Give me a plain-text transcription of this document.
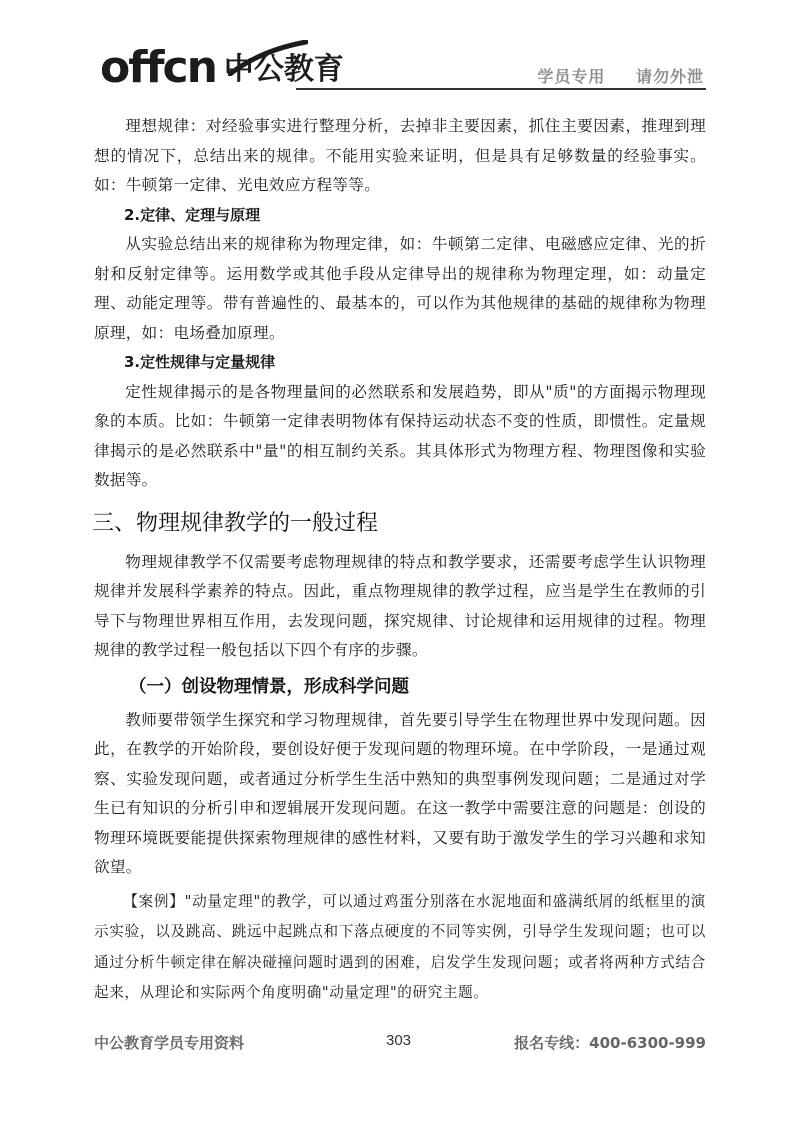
offcn 中公教育	学员专用 请勿外泄

理想规律：对经验事实进行整理分析，去掉非主要因素，抓住主要因素，推理到理想的情况下，总结出来的规律。不能用实验来证明，但是具有足够数量的经验事实。如：牛顿第一定律、光电效应方程等等。

2.定律、定理与原理

从实验总结出来的规律称为物理定律，如：牛顿第二定律、电磁感应定律、光的折射和反射定律等。运用数学或其他手段从定律导出的规律称为物理定理，如：动量定理、动能定理等。带有普遍性的、最基本的，可以作为其他规律的基础的规律称为物理原理，如：电场叠加原理。

3.定性规律与定量规律

定性规律揭示的是各物理量间的必然联系和发展趋势，即从"质"的方面揭示物理现象的本质。比如：牛顿第一定律表明物体有保持运动状态不变的性质，即惯性。定量规律揭示的是必然联系中"量"的相互制约关系。其具体形式为物理方程、物理图像和实验数据等。

三、物理规律教学的一般过程

物理规律教学不仅需要考虑物理规律的特点和教学要求，还需要考虑学生认识物理规律并发展科学素养的特点。因此，重点物理规律的教学过程，应当是学生在教师的引导下与物理世界相互作用，去发现问题，探究规律、讨论规律和运用规律的过程。物理规律的教学过程一般包括以下四个有序的步骤。

（一）创设物理情景，形成科学问题

教师要带领学生探究和学习物理规律，首先要引导学生在物理世界中发现问题。因此，在教学的开始阶段，要创设好便于发现问题的物理环境。在中学阶段，一是通过观察、实验发现问题，或者通过分析学生生活中熟知的典型事例发现问题；二是通过对学生已有知识的分析引申和逻辑展开发现问题。在这一教学中需要注意的问题是：创设的物理环境既要能提供探索物理规律的感性材料，又要有助于激发学生的学习兴趣和求知欲望。

【案例】"动量定理"的教学，可以通过鸡蛋分别落在水泥地面和盛满纸屑的纸框里的演示实验，以及跳高、跳远中起跳点和下落点硬度的不同等实例，引导学生发现问题；也可以通过分析牛顿定律在解决碰撞问题时遇到的困难，启发学生发现问题；或者将两种方式结合起来，从理论和实际两个角度明确"动量定理"的研究主题。

中公教育学员专用资料	303	报名专线：400-6300-999
